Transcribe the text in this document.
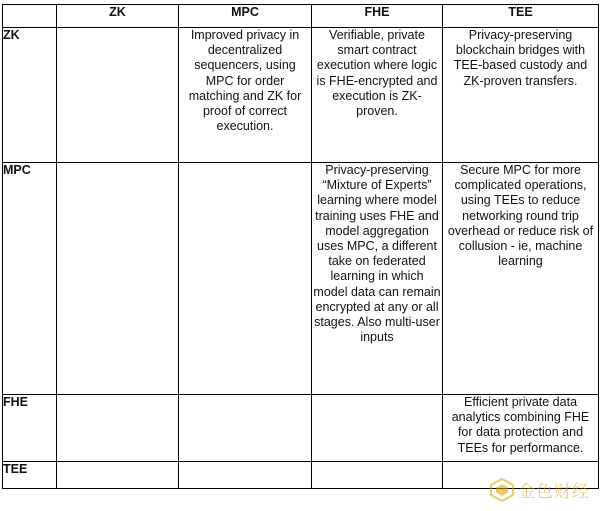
	ZK	MPC	FHE	TEE
ZK		Improved privacy in decentralized sequencers, using MPC for order matching and ZK for proof of correct execution.	Verifiable, private smart contract execution where logic is FHE-encrypted and execution is ZK-proven.	Privacy-preserving blockchain bridges with TEE-based custody and ZK-proven transfers.
MPC			Privacy-preserving “Mixture of Experts” learning where model training uses FHE and model aggregation uses MPC, a different take on federated learning in which model data can remain encrypted at any or all stages. Also multi-user inputs	Secure MPC for more complicated operations, using TEEs to reduce networking round trip overhead or reduce risk of collusion - ie, machine learning
FHE				Efficient private data analytics combining FHE for data protection and TEEs for performance.
TEE				
金色财经
